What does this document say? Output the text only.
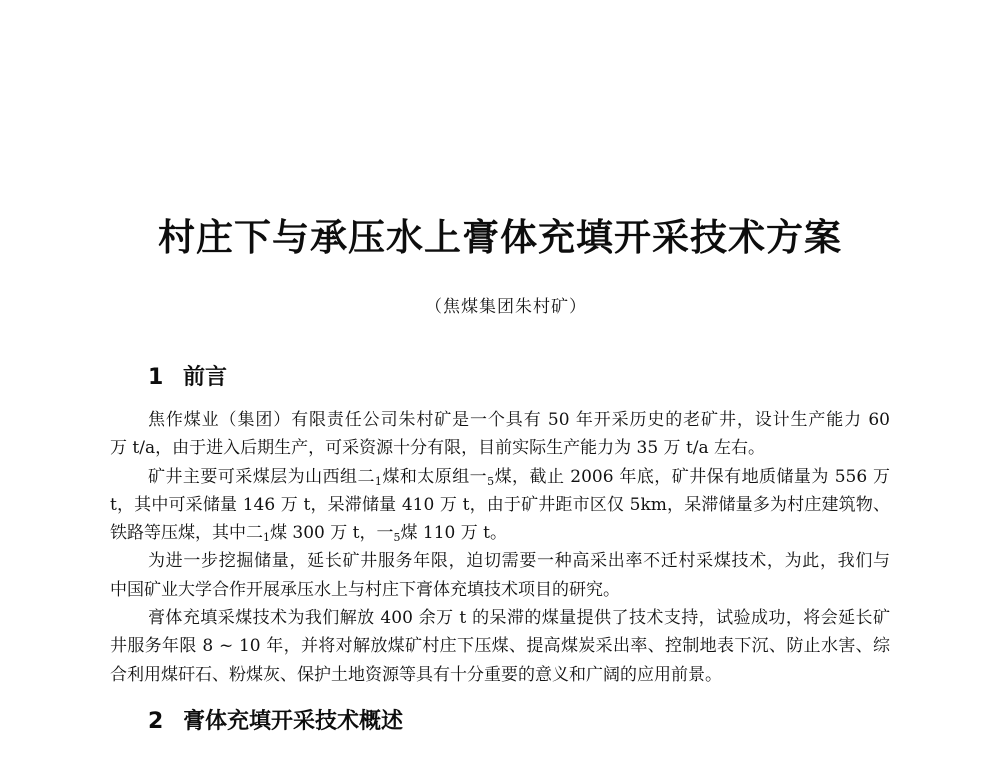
村庄下与承压水上膏体充填开采技术方案
（焦煤集团朱村矿）
1 前言
焦作煤业（集团）有限责任公司朱村矿是一个具有 50 年开采历史的老矿井，设计生产能力 60
万 t/a，由于进入后期生产，可采资源十分有限，目前实际生产能力为 35 万 t/a 左右。
矿井主要可采煤层为山西组二$_1$煤和太原组一$_5$煤，截止 2006 年底，矿井保有地质储量为 556 万
t，其中可采储量 146 万 t，呆滞储量 410 万 t，由于矿井距市区仅 5km，呆滞储量多为村庄建筑物、
铁路等压煤，其中二$_1$煤 300 万 t，一$_5$煤 110 万 t。
为进一步挖掘储量，延长矿井服务年限，迫切需要一种高采出率不迁村采煤技术，为此，我们与
中国矿业大学合作开展承压水上与村庄下膏体充填技术项目的研究。
膏体充填采煤技术为我们解放 400 余万 t 的呆滞的煤量提供了技术支持，试验成功，将会延长矿
井服务年限 8 ~ 10 年，并将对解放煤矿村庄下压煤、提高煤炭采出率、控制地表下沉、防止水害、综
合利用煤矸石、粉煤灰、保护土地资源等具有十分重要的意义和广阔的应用前景。
2 膏体充填开采技术概述
